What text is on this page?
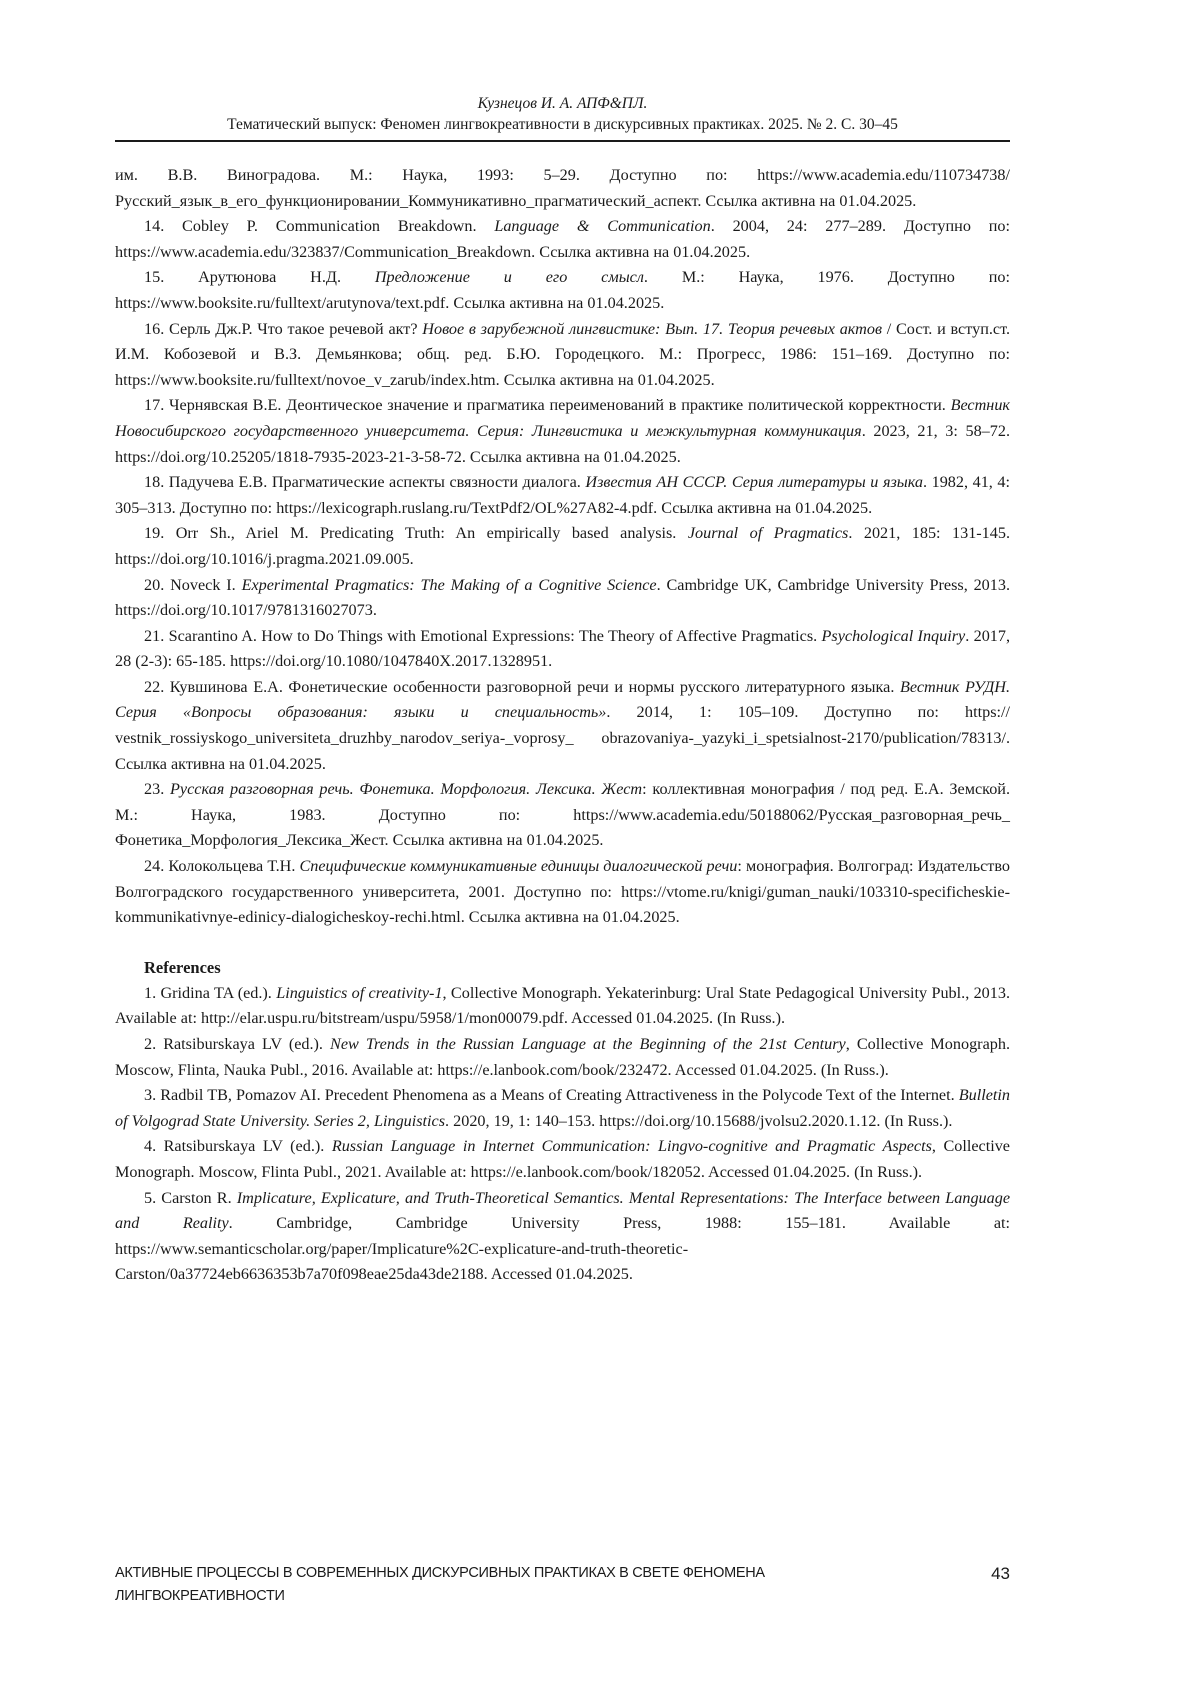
Кузнецов И. А. АПФ&ПЛ.
Тематический выпуск: Феномен лингвокреативности в дискурсивных практиках. 2025. № 2. С. 30–45

им. В.В. Виноградова. М.: Наука, 1993: 5–29. Доступно по: https://www.academia.edu/110734738/Русский_язык_в_его_функционировании_Коммуникативно_прагматический_аспект. Ссылка активна на 01.04.2025.

14. Cobley P. Communication Breakdown. Language & Communication. 2004, 24: 277–289. Доступно по: https://www.academia.edu/323837/Communication_Breakdown. Ссылка активна на 01.04.2025.

15. Арутюнова Н.Д. Предложение и его смысл. М.: Наука, 1976. Доступно по: https://www.booksite.ru/fulltext/arutynova/text.pdf. Ссылка активна на 01.04.2025.

16. Серль Дж.Р. Что такое речевой акт? Новое в зарубежной лингвистике: Вып. 17. Теория речевых актов / Сост. и вступ.ст. И.М. Кобозевой и В.З. Демьянкова; общ. ред. Б.Ю. Городецкого. М.: Прогресс, 1986: 151–169. Доступно по: https://www.booksite.ru/fulltext/novoe_v_zarub/index.htm. Ссылка активна на 01.04.2025.

17. Чернявская В.Е. Деонтическое значение и прагматика переименований в практике политической корректности. Вестник Новосибирского государственного университета. Серия: Лингвистика и межкультурная коммуникация. 2023, 21, 3: 58–72. https://doi.org/10.25205/1818-7935-2023-21-3-58-72. Ссылка активна на 01.04.2025.

18. Падучева Е.В. Прагматические аспекты связности диалога. Известия АН СССР. Серия литературы и языка. 1982, 41, 4: 305–313. Доступно по: https://lexicograph.ruslang.ru/TextPdf2/OL%27A82-4.pdf. Ссылка активна на 01.04.2025.

19. Orr Sh., Ariel M. Predicating Truth: An empirically based analysis. Journal of Pragmatics. 2021, 185: 131-145. https://doi.org/10.1016/j.pragma.2021.09.005.

20. Noveck I. Experimental Pragmatics: The Making of a Cognitive Science. Cambridge UK, Cambridge University Press, 2013. https://doi.org/10.1017/9781316027073.

21. Scarantino A. How to Do Things with Emotional Expressions: The Theory of Affective Pragmatics. Psychological Inquiry. 2017, 28 (2-3): 65-185. https://doi.org/10.1080/1047840X.2017.1328951.

22. Кувшинова Е.А. Фонетические особенности разговорной речи и нормы русского литературного языка. Вестник РУДН. Серия «Вопросы образования: языки и специальность». 2014, 1: 105–109. Доступно по: https:// vestnik_rossiyskogo_universiteta_druzhby_narodov_seriya-_voprosy_ obrazovaniya-_yazyki_i_spetsialnost-2170/publication/78313/. Ссылка активна на 01.04.2025.

23. Русская разговорная речь. Фонетика. Морфология. Лексика. Жест: коллективная монография / под ред. Е.А. Земской. М.: Наука, 1983. Доступно по: https://www.academia.edu/50188062/Русская_разговорная_речь_ Фонетика_Морфология_Лексика_Жест. Ссылка активна на 01.04.2025.

24. Колокольцева Т.Н. Специфические коммуникативные единицы диалогической речи: монография. Волгоград: Издательство Волгоградского государственного университета, 2001. Доступно по: https://vtome.ru/knigi/guman_nauki/103310-specificheskie-kommunikativnye-edinicy-dialogicheskoy-rechi.html. Ссылка активна на 01.04.2025.

References

1. Gridina TA (ed.). Linguistics of creativity-1, Collective Monograph. Yekaterinburg: Ural State Pedagogical University Publ., 2013. Available at: http://elar.uspu.ru/bitstream/uspu/5958/1/mon00079.pdf. Accessed 01.04.2025. (In Russ.).

2. Ratsiburskaya LV (ed.). New Trends in the Russian Language at the Beginning of the 21st Century, Collective Monograph. Moscow, Flinta, Nauka Publ., 2016. Available at: https://e.lanbook.com/book/232472. Accessed 01.04.2025. (In Russ.).

3. Radbil TB, Pomazov AI. Precedent Phenomena as a Means of Creating Attractiveness in the Polycode Text of the Internet. Bulletin of Volgograd State University. Series 2, Linguistics. 2020, 19, 1: 140–153. https://doi.org/10.15688/jvolsu2.2020.1.12. (In Russ.).

4. Ratsiburskaya LV (ed.). Russian Language in Internet Communication: Lingvo-cognitive and Pragmatic Aspects, Collective Monograph. Moscow, Flinta Publ., 2021. Available at: https://e.lanbook.com/book/182052. Accessed 01.04.2025. (In Russ.).

5. Carston R. Implicature, Explicature, and Truth-Theoretical Semantics. Mental Representations: The Interface between Language and Reality. Cambridge, Cambridge University Press, 1988: 155–181. Available at: https://www.semanticscholar.org/paper/Implicature%2C-explicature-and-truth-theoretic-Carston/0a37724eb6636353b7a70f098eae25da43de2188. Accessed 01.04.2025.

АКТИВНЫЕ ПРОЦЕССЫ В СОВРЕМЕННЫХ ДИСКУРСИВНЫХ ПРАКТИКАХ В СВЕТЕ ФЕНОМЕНА ЛИНГВОКРЕАТИВНОСТИ
43
